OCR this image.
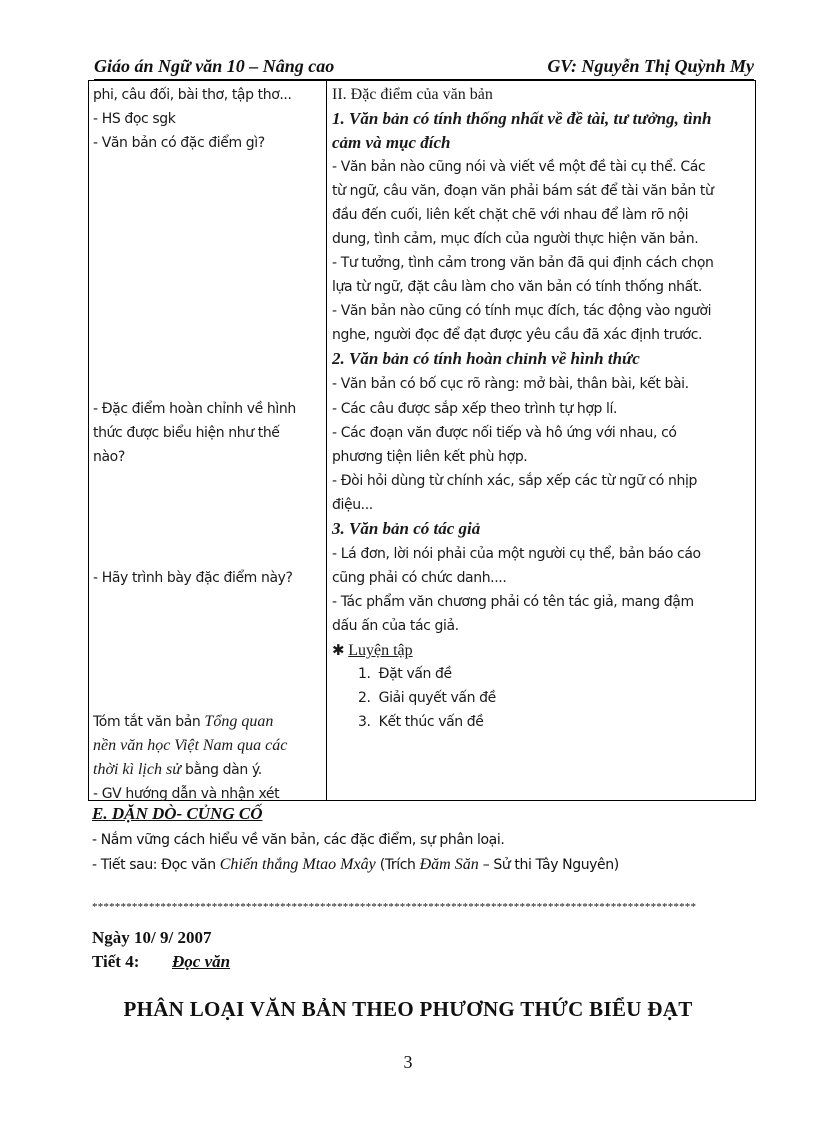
Giáo án Ngữ văn 10 – Nâng cao	GV: Nguyễn Thị Quỳnh My
phi, câu đối, bài thơ, tập thơ...
- HS đọc sgk
- Văn bản có đặc điểm gì?
- Đặc điểm hoàn chỉnh về hình
thức được biểu hiện như thế
nào?
- Hãy trình bày đặc điểm này?
Tóm tắt văn bản Tổng quan
nền văn học Việt Nam qua các
thời kì lịch sử bằng dàn ý.
- GV hướng dẫn và nhận xét
II. Đặc điểm của văn bản
1. Văn bản có tính thống nhất về đề tài, tư tưởng, tình
cảm và mục đích
- Văn bản nào cũng nói và viết về một đề tài cụ thể. Các
từ ngữ, câu văn, đoạn văn phải bám sát để tài văn bản từ
đầu đến cuối, liên kết chặt chẽ với nhau để làm rõ nội
dung, tình cảm, mục đích của người thực hiện văn bản.
- Tư tưởng, tình cảm trong văn bản đã qui định cách chọn
lựa từ ngữ, đặt câu làm cho văn bản có tính thống nhất.
- Văn bản nào cũng có tính mục đích, tác động vào người
nghe, người đọc để đạt được yêu cầu đã xác định trước.
2. Văn bản có tính hoàn chỉnh về hình thức
- Văn bản có bố cục rõ ràng: mở bài, thân bài, kết bài.
- Các câu được sắp xếp theo trình tự hợp lí.
- Các đoạn văn được nối tiếp và hô ứng với nhau, có
phương tiện liên kết phù hợp.
- Đòi hỏi dùng từ chính xác, sắp xếp các từ ngữ có nhịp
điệu...
3. Văn bản có tác giả
- Lá đơn, lời nói phải của một người cụ thể, bản báo cáo
cũng phải có chức danh....
- Tác phẩm văn chương phải có tên tác giả, mang đậm
dấu ấn của tác giả.
✱ Luyện tập
1. Đặt vấn đề
2. Giải quyết vấn đề
3. Kết thúc vấn đề
E. DẶN DÒ- CỦNG CỐ
- Nắm vững cách hiểu về văn bản, các đặc điểm, sự phân loại.
- Tiết sau: Đọc văn Chiến thắng Mtao Mxây (Trích Đăm Săn – Sử thi Tây Nguyên)
**********************************************************************************************************
Ngày 10/ 9/ 2007
Tiết 4: Đọc văn
PHÂN LOẠI VĂN BẢN THEO PHƯƠNG THỨC BIỂU ĐẠT
3
